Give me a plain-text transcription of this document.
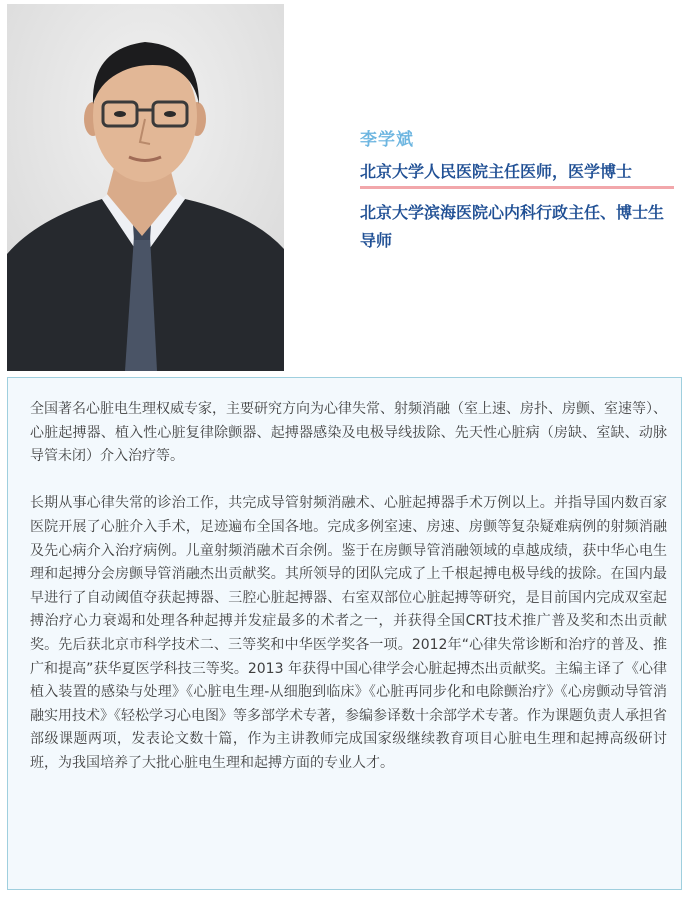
李学斌
北京大学人民医院主任医师，医学博士
北京大学滨海医院心内科行政主任、博士生导师

全国著名心脏电生理权威专家，主要研究方向为心律失常、射频消融（室上速、房扑、房颤、室速等）、心脏起搏器、植入性心脏复律除颤器、起搏器感染及电极导线拔除、先天性心脏病（房缺、室缺、动脉导管未闭）介入治疗等。

长期从事心律失常的诊治工作，共完成导管射频消融术、心脏起搏器手术万例以上。并指导国内数百家医院开展了心脏介入手术，足迹遍布全国各地。完成多例室速、房速、房颤等复杂疑难病例的射频消融及先心病介入治疗病例。儿童射频消融术百余例。鉴于在房颤导管消融领域的卓越成绩，获中华心电生理和起搏分会房颤导管消融杰出贡献奖。其所领导的团队完成了上千根起搏电极导线的拔除。在国内最早进行了自动阈值夺获起搏器、三腔心脏起搏器、右室双部位心脏起搏等研究，是目前国内完成双室起搏治疗心力衰竭和处理各种起搏并发症最多的术者之一，并获得全国CRT技术推广普及奖和杰出贡献奖。先后获北京市科学技术二、三等奖和中华医学奖各一项。2012年“心律失常诊断和治疗的普及、推广和提高”获华夏医学科技三等奖。2013 年获得中国心律学会心脏起搏杰出贡献奖。主编主译了《心律植入装置的感染与处理》《心脏电生理-从细胞到临床》《心脏再同步化和电除颤治疗》《心房颤动导管消融实用技术》《轻松学习心电图》等多部学术专著，参编参译数十余部学术专著。作为课题负责人承担省部级课题两项，发表论文数十篇，作为主讲教师完成国家级继续教育项目心脏电生理和起搏高级研讨班，为我国培养了大批心脏电生理和起搏方面的专业人才。
